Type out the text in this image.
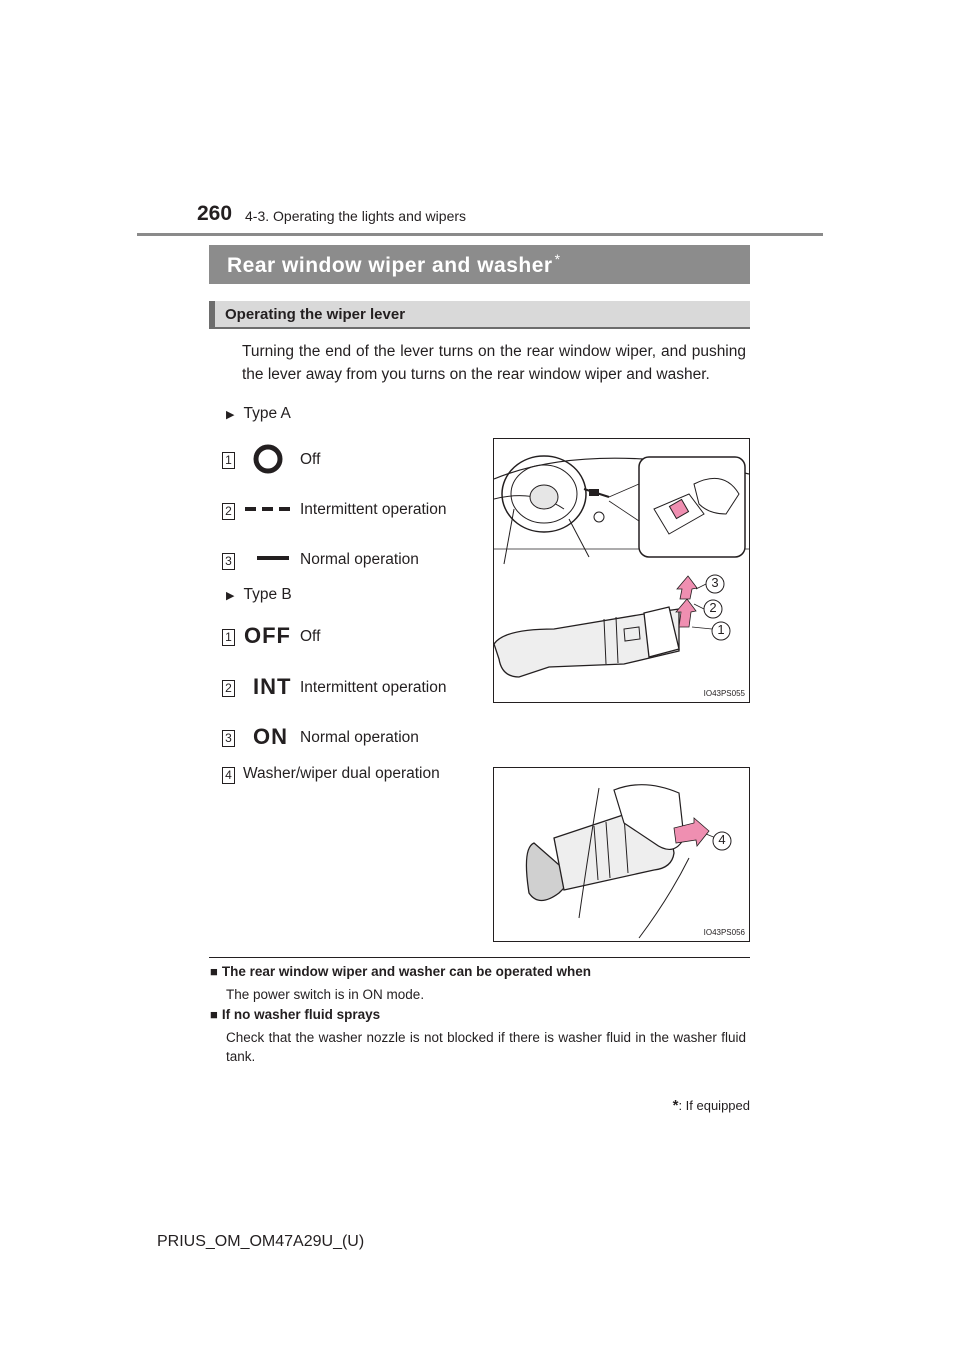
260 4-3. Operating the lights and wipers
Rear window wiper and washer *
Operating the wiper lever
Turning the end of the lever turns on the rear window wiper, and pushing the lever away from you turns on the rear window wiper and washer.
▶ Type A
1	Off
2	Intermittent operation
3	Normal operation
▶ Type B
1 OFF Off
2 INT Intermittent operation
3 ON Normal operation
4 Washer/wiper dual operation
3
2
1
IO43PS055
4
IO43PS056
■ The rear window wiper and washer can be operated when
The power switch is in ON mode.
■ If no washer fluid sprays
Check that the washer nozzle is not blocked if there is washer fluid in the washer fluid tank.
*: If equipped
PRIUS_OM_OM47A29U_(U)
